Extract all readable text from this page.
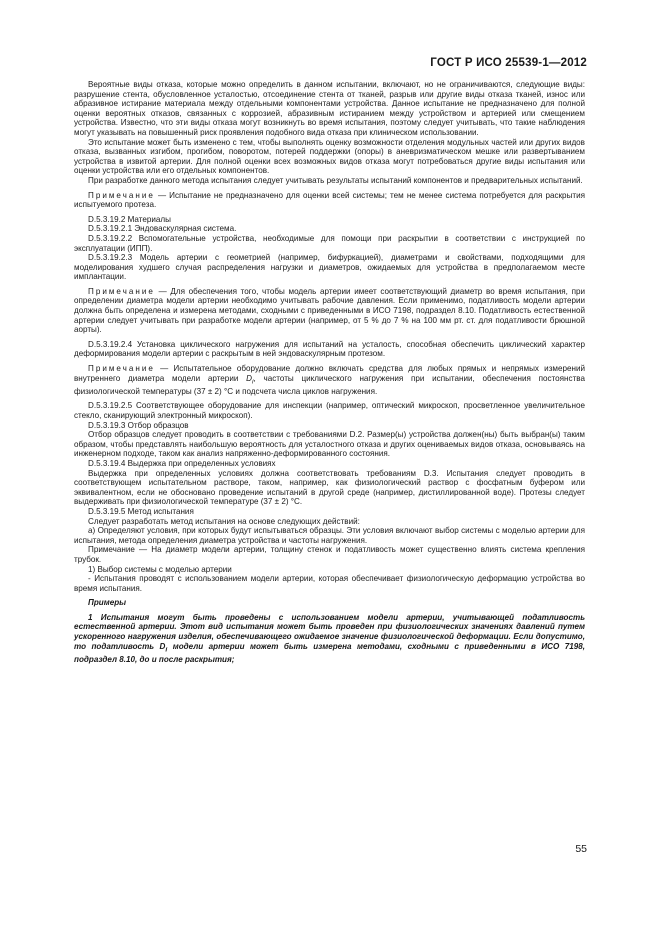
ГОСТ Р ИСО 25539-1—2012

Вероятные виды отказа, которые можно определить в данном испытании, включают, но не ограничиваются, следующие виды: разрушение стента, обусловленное усталостью, отсоединение стента от тканей, разрыв или другие виды отказа тканей, износ или абразивное истирание материала между отдельными компонентами устройства. Данное испытание не предназначено для полной оценки вероятных отказов, связанных с коррозией, абразивным истиранием между устройством и артерией или смещением устройства. Известно, что эти виды отказа могут возникнуть во время испытания, поэтому следует учитывать, что такие наблюдения могут указывать на повышенный риск проявления подобного вида отказа при клиническом использовании.

Это испытание может быть изменено с тем, чтобы выполнять оценку возможности отделения модульных частей или других видов отказа, вызванных изгибом, прогибом, поворотом, потерей поддержки (опоры) в аневризматическом мешке или развертыванием устройства в извитой артерии. Для полной оценки всех возможных видов отказа могут потребоваться другие виды испытания или оценки устройства или его отдельных компонентов.

При разработке данного метода испытания следует учитывать результаты испытаний компонентов и предварительных испытаний.

Примечание — Испытание не предназначено для оценки всей системы; тем не менее система потребуется для раскрытия испытуемого протеза.

D.5.3.19.2 Материалы

D.5.3.19.2.1 Эндоваскулярная система.

D.5.3.19.2.2 Вспомогательные устройства, необходимые для помощи при раскрытии в соответствии с инструкцией по эксплуатации (ИПП).

D.5.3.19.2.3 Модель артерии с геометрией (например, бифуркацией), диаметрами и свойствами, подходящими для моделирования худшего случая распределения нагрузки и диаметров, ожидаемых для устройства в предполагаемом месте имплантации.

Примечание — Для обеспечения того, чтобы модель артерии имеет соответствующий диаметр во время испытания, при определении диаметра модели артерии необходимо учитывать рабочие давления. Если применимо, податливость модели артерии должна быть определена и измерена методами, сходными с приведенными в ИСО 7198, подраздел 8.10. Податливость естественной артерии следует учитывать при разработке модели артерии (например, от 5 % до 7 % на 100 мм рт. ст. для податливости брюшной аорты).

D.5.3.19.2.4 Установка циклического нагружения для испытаний на усталость, способная обеспечить циклический характер деформирования модели артерии с раскрытым в ней эндоваскулярным протезом.

Примечание — Испытательное оборудование должно включать средства для любых прямых и непрямых измерений внутреннего диаметра модели артерии $D_i$, частоты циклического нагружения при испытании, обеспечения постоянства физиологической температуры (37 ± 2) °С и подсчета числа циклов нагружения.

D.5.3.19.2.5 Соответствующее оборудование для инспекции (например, оптический микроскоп, просветленное увеличительное стекло, сканирующий электронный микроскоп).

D.5.3.19.3 Отбор образцов

Отбор образцов следует проводить в соответствии с требованиями D.2. Размер(ы) устройства должен(ны) быть выбран(ы) таким образом, чтобы представлять наибольшую вероятность для усталостного отказа и других оцениваемых видов отказа, основываясь на инженерном подходе, таком как анализ напряженно-деформированного состояния.

D.5.3.19.4 Выдержка при определенных условиях

Выдержка при определенных условиях должна соответствовать требованиям D.3. Испытания следует проводить в соответствующем испытательном растворе, таком, например, как физиологический раствор с фосфатным буфером или эквивалентном, если не обосновано проведение испытаний в другой среде (например, дистиллированной воде). Протезы следует выдерживать при физиологической температуре (37 ± 2) °С.

D.5.3.19.5 Метод испытания

Следует разработать метод испытания на основе следующих действий:

а) Определяют условия, при которых будут испытываться образцы. Эти условия включают выбор системы с моделью артерии для испытания, метода определения диаметра устройства и частоты нагружения.

Примечание — На диаметр модели артерии, толщину стенок и податливость может существенно влиять система крепления трубок.

1) Выбор системы с моделью артерии

- Испытания проводят с использованием модели артерии, которая обеспечивает физиологическую деформацию устройства во время испытания.

Примеры

1 Испытания могут быть проведены с использованием модели артерии, учитывающей податливость естественной артерии. Этот вид испытания может быть проведен при физиологических значениях давлений путем ускоренного нагружения изделия, обеспечивающего ожидаемое значение физиологической деформации. Если допустимо, то податливость $D_i$ модели артерии может быть измерена методами, сходными с приведенными в ИСО 7198, подраздел 8.10, до и после раскрытия;

55
